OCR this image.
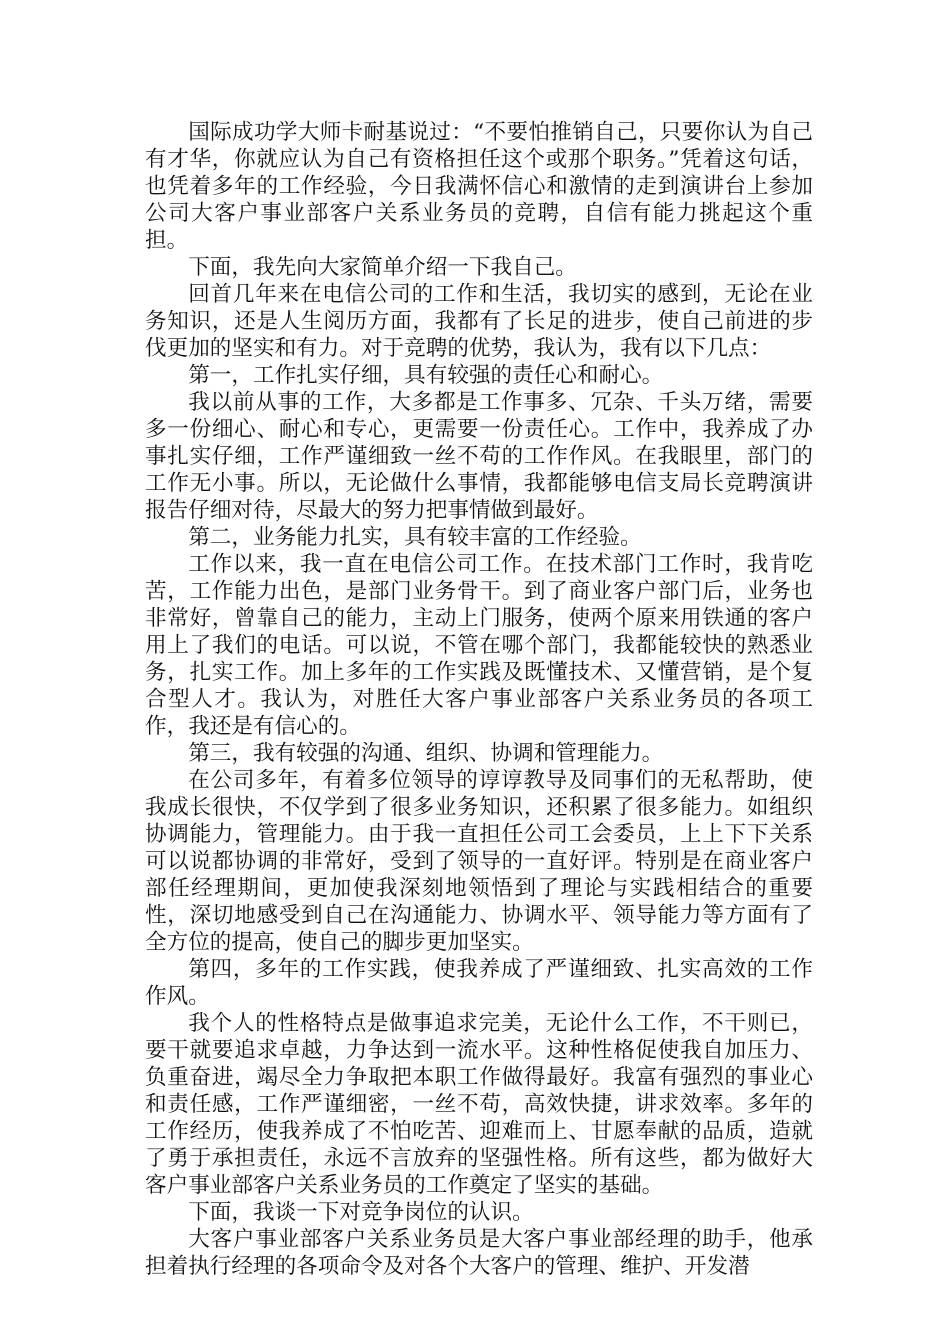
国际成功学大师卡耐基说过：“不要怕推销自己，只要你认为自己有才华，你就应认为自己有资格担任这个或那个职务。”凭着这句话，也凭着多年的工作经验，今日我满怀信心和激情的走到演讲台上参加公司大客户事业部客户关系业务员的竞聘，自信有能力挑起这个重担。

下面，我先向大家简单介绍一下我自己。

回首几年来在电信公司的工作和生活，我切实的感到，无论在业务知识，还是人生阅历方面，我都有了长足的进步，使自己前进的步伐更加的坚实和有力。对于竞聘的优势，我认为，我有以下几点：

第一，工作扎实仔细，具有较强的责任心和耐心。

我以前从事的工作，大多都是工作事多、冗杂、千头万绪，需要多一份细心、耐心和专心，更需要一份责任心。工作中，我养成了办事扎实仔细，工作严谨细致一丝不苟的工作作风。在我眼里，部门的工作无小事。所以，无论做什么事情，我都能够电信支局长竞聘演讲报告仔细对待，尽最大的努力把事情做到最好。

第二，业务能力扎实，具有较丰富的工作经验。

工作以来，我一直在电信公司工作。在技术部门工作时，我肯吃苦，工作能力出色，是部门业务骨干。到了商业客户部门后，业务也非常好，曾靠自己的能力，主动上门服务，使两个原来用铁通的客户用上了我们的电话。可以说，不管在哪个部门，我都能较快的熟悉业务，扎实工作。加上多年的工作实践及既懂技术、又懂营销，是个复合型人才。我认为，对胜任大客户事业部客户关系业务员的各项工作，我还是有信心的。

第三，我有较强的沟通、组织、协调和管理能力。

在公司多年，有着多位领导的谆谆教导及同事们的无私帮助，使我成长很快，不仅学到了很多业务知识，还积累了很多能力。如组织协调能力，管理能力。由于我一直担任公司工会委员，上上下下关系可以说都协调的非常好，受到了领导的一直好评。特别是在商业客户部任经理期间，更加使我深刻地领悟到了理论与实践相结合的重要性，深切地感受到自己在沟通能力、协调水平、领导能力等方面有了全方位的提高，使自己的脚步更加坚实。

第四，多年的工作实践，使我养成了严谨细致、扎实高效的工作作风。

我个人的性格特点是做事追求完美，无论什么工作，不干则已，要干就要追求卓越，力争达到一流水平。这种性格促使我自加压力、负重奋进，竭尽全力争取把本职工作做得最好。我富有强烈的事业心和责任感，工作严谨细密，一丝不苟，高效快捷，讲求效率。多年的工作经历，使我养成了不怕吃苦、迎难而上、甘愿奉献的品质，造就了勇于承担责任，永远不言放弃的坚强性格。所有这些，都为做好大客户事业部客户关系业务员的工作奠定了坚实的基础。

下面，我谈一下对竞争岗位的认识。

大客户事业部客户关系业务员是大客户事业部经理的助手，他承担着执行经理的各项命令及对各个大客户的管理、维护、开发潜
